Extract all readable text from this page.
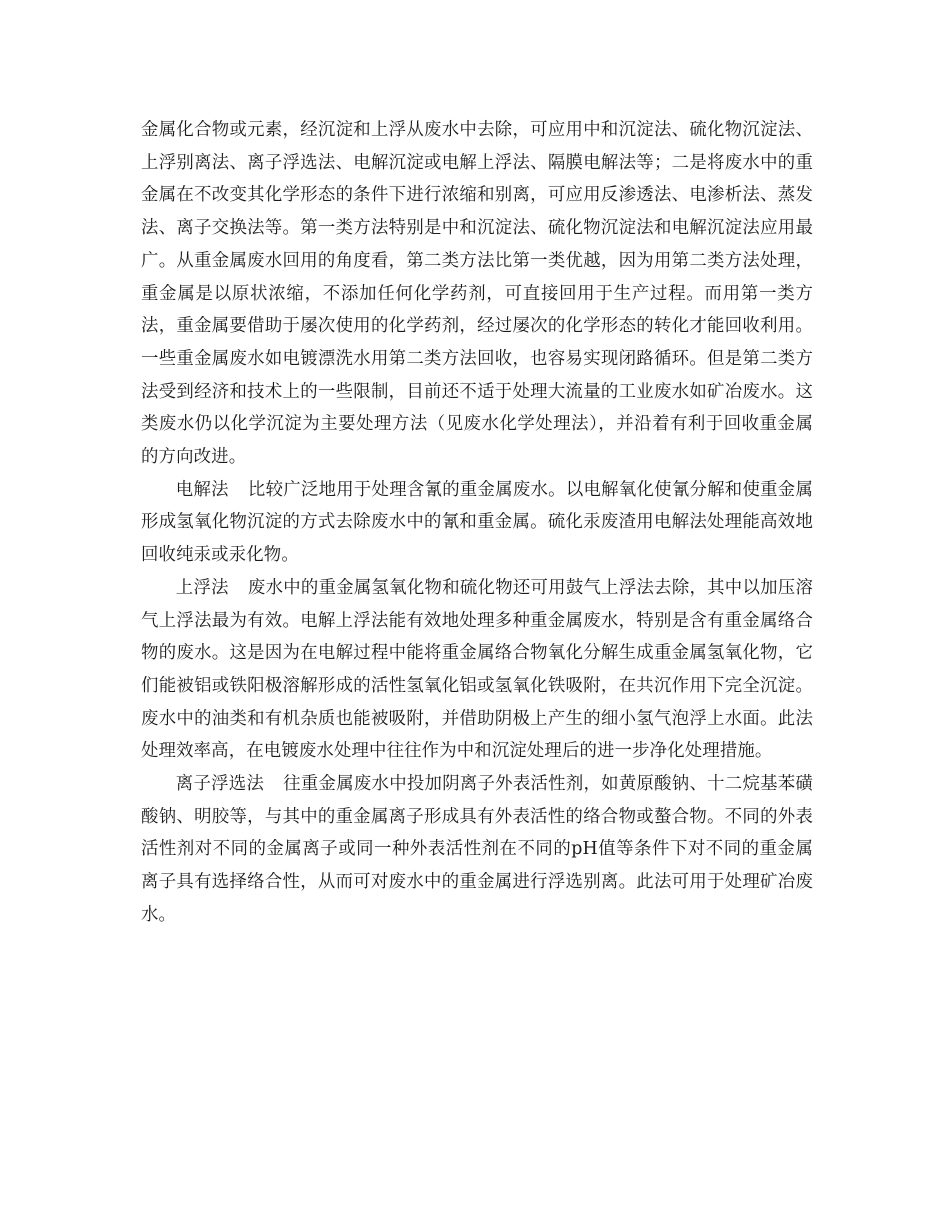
金属化合物或元素，经沉淀和上浮从废水中去除，可应用中和沉淀法、硫化物沉淀法、上浮别离法、离子浮选法、电解沉淀或电解上浮法、隔膜电解法等；二是将废水中的重金属在不改变其化学形态的条件下进行浓缩和别离，可应用反渗透法、电渗析法、蒸发法、离子交换法等。第一类方法特别是中和沉淀法、硫化物沉淀法和电解沉淀法应用最广。从重金属废水回用的角度看，第二类方法比第一类优越，因为用第二类方法处理，重金属是以原状浓缩，不添加任何化学药剂，可直接回用于生产过程。而用第一类方法，重金属要借助于屡次使用的化学药剂，经过屡次的化学形态的转化才能回收利用。一些重金属废水如电镀漂洗水用第二类方法回收，也容易实现闭路循环。但是第二类方法受到经济和技术上的一些限制，目前还不适于处理大流量的工业废水如矿冶废水。这类废水仍以化学沉淀为主要处理方法（见废水化学处理法），并沿着有利于回收重金属的方向改进。

电解法 比较广泛地用于处理含氰的重金属废水。以电解氧化使氰分解和使重金属形成氢氧化物沉淀的方式去除废水中的氰和重金属。硫化汞废渣用电解法处理能高效地回收纯汞或汞化物。

上浮法 废水中的重金属氢氧化物和硫化物还可用鼓气上浮法去除，其中以加压溶气上浮法最为有效。电解上浮法能有效地处理多种重金属废水，特别是含有重金属络合物的废水。这是因为在电解过程中能将重金属络合物氧化分解生成重金属氢氧化物，它们能被铝或铁阳极溶解形成的活性氢氧化铝或氢氧化铁吸附，在共沉作用下完全沉淀。废水中的油类和有机杂质也能被吸附，并借助阴极上产生的细小氢气泡浮上水面。此法处理效率高，在电镀废水处理中往往作为中和沉淀处理后的进一步净化处理措施。

离子浮选法 往重金属废水中投加阴离子外表活性剂，如黄原酸钠、十二烷基苯磺酸钠、明胶等，与其中的重金属离子形成具有外表活性的络合物或螯合物。不同的外表活性剂对不同的金属离子或同一种外表活性剂在不同的pH值等条件下对不同的重金属离子具有选择络合性，从而可对废水中的重金属进行浮选别离。此法可用于处理矿冶废水。
